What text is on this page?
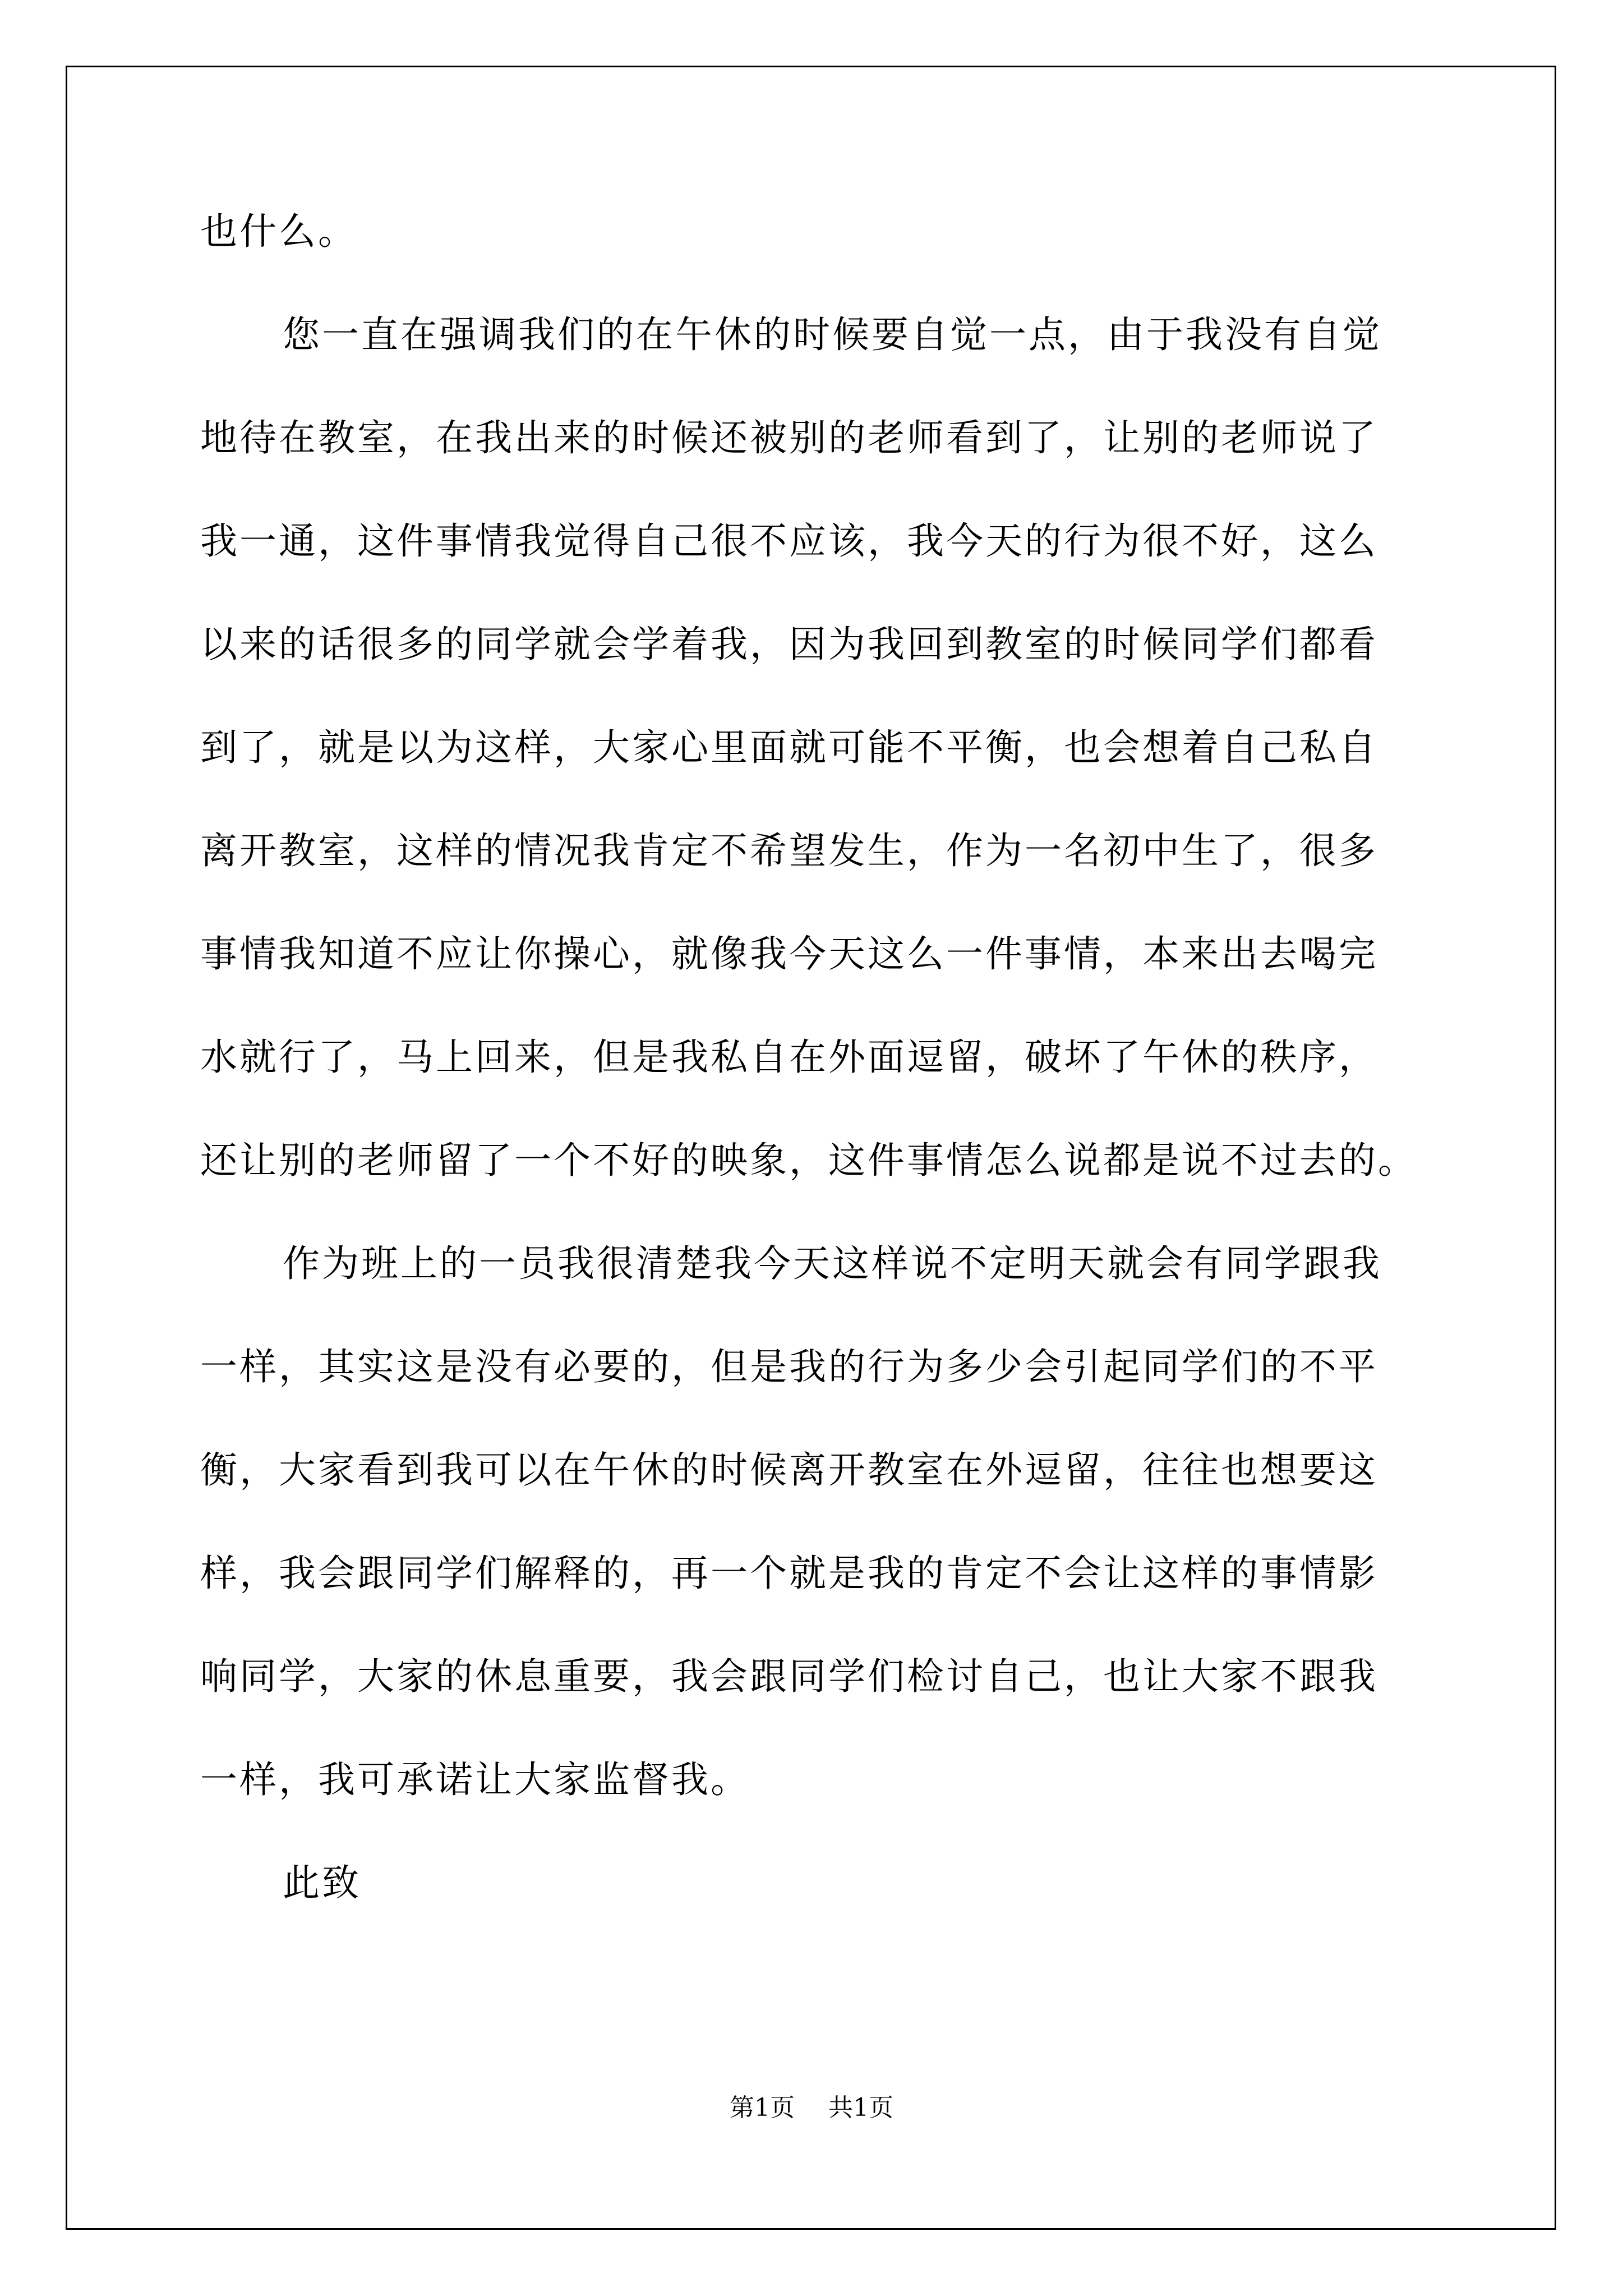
也什么。
您一直在强调我们的在午休的时候要自觉一点，由于我没有自觉
地待在教室，在我出来的时候还被别的老师看到了，让别的老师说了
我一通，这件事情我觉得自己很不应该，我今天的行为很不好，这么
以来的话很多的同学就会学着我，因为我回到教室的时候同学们都看
到了，就是以为这样，大家心里面就可能不平衡，也会想着自己私自
离开教室，这样的情况我肯定不希望发生，作为一名初中生了，很多
事情我知道不应让你操心，就像我今天这么一件事情，本来出去喝完
水就行了，马上回来，但是我私自在外面逗留，破坏了午休的秩序，
还让别的老师留了一个不好的映象，这件事情怎么说都是说不过去的。
作为班上的一员我很清楚我今天这样说不定明天就会有同学跟我
一样，其实这是没有必要的，但是我的行为多少会引起同学们的不平
衡，大家看到我可以在午休的时候离开教室在外逗留，往往也想要这
样，我会跟同学们解释的，再一个就是我的肯定不会让这样的事情影
响同学，大家的休息重要，我会跟同学们检讨自己，也让大家不跟我
一样，我可承诺让大家监督我。
此致
第1页 共1页
